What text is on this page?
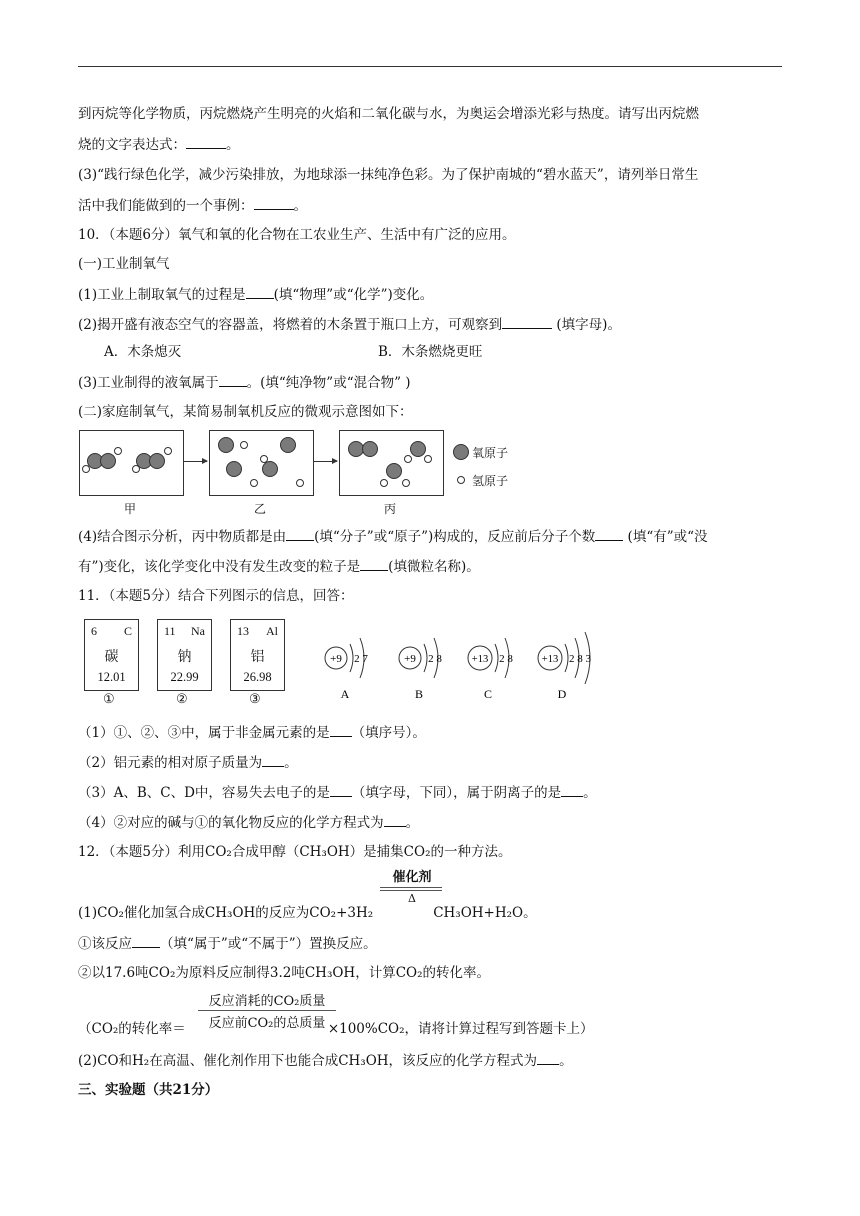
到丙烷等化学物质，丙烷燃烧产生明亮的火焰和二氧化碳与水，为奥运会增添光彩与热度。请写出丙烷燃
烧的文字表达式：	。
(3)“践行绿色化学，减少污染排放，为地球添一抹纯净色彩。为了保护南城的“碧水蓝天”，请列举日常生
活中我们能做到的一个事例：	。
10．（本题6分）氧气和氧的化合物在工农业生产、生活中有广泛的应用。
(一)工业制氧气
(1)工业上制取氧气的过程是 (填“物理”或“化学”)变化。
(2)揭开盛有液态空气的容器盖，将燃着的木条置于瓶口上方，可观察到	(填字母)。
A．木条熄灭	B．木条燃烧更旺
(3)工业制得的液氧属于 。(填“纯净物”或“混合物” )
(二)家庭制氧气，某简易制氧机反应的微观示意图如下：
甲	乙	丙
氧原子
氢原子
(4)结合图示分析，丙中物质都是由 (填“分子”或“原子”)构成的，反应前后分子个数 (填“有”或“没
有”)变化，该化学变化中没有发生改变的粒子是 (填微粒名称)。
11．（本题5分）结合下列图示的信息，回答：
6 C
碳
12.01
①
11 Na
钠
22.99
②
13 Al
铝
26.98
③
+9 2 7
A
+9 2 8
B
+13 2 8
C
+13 2 8 3
D
（1）①、②、③中，属于非金属元素的是 （填序号）。
（2）铝元素的相对原子质量为 。
（3）A、B、C、D中，容易失去电子的是 （填字母，下同），属于阴离子的是 。
（4）②对应的碱与①的氧化物反应的化学方程式为 。
12．（本题5分）利用CO₂合成甲醇（CH₃OH）是捕集CO₂的一种方法。
催化剂
Δ
(1)CO₂催化加氢合成CH₃OH的反应为CO₂+3H₂	CH₃OH+H₂O。
①该反应 （填“属于”或“不属于”）置换反应。
②以17.6吨CO₂为原料反应制得3.2吨CH₃OH，计算CO₂的转化率。
反应消耗的CO₂质量
反应前CO₂的总质量
（CO₂的转化率＝	×100%CO₂，请将计算过程写到答题卡上）
(2)CO和H₂在高温、催化剂作用下也能合成CH₃OH，该反应的化学方程式为 。
三、实验题（共21分）
